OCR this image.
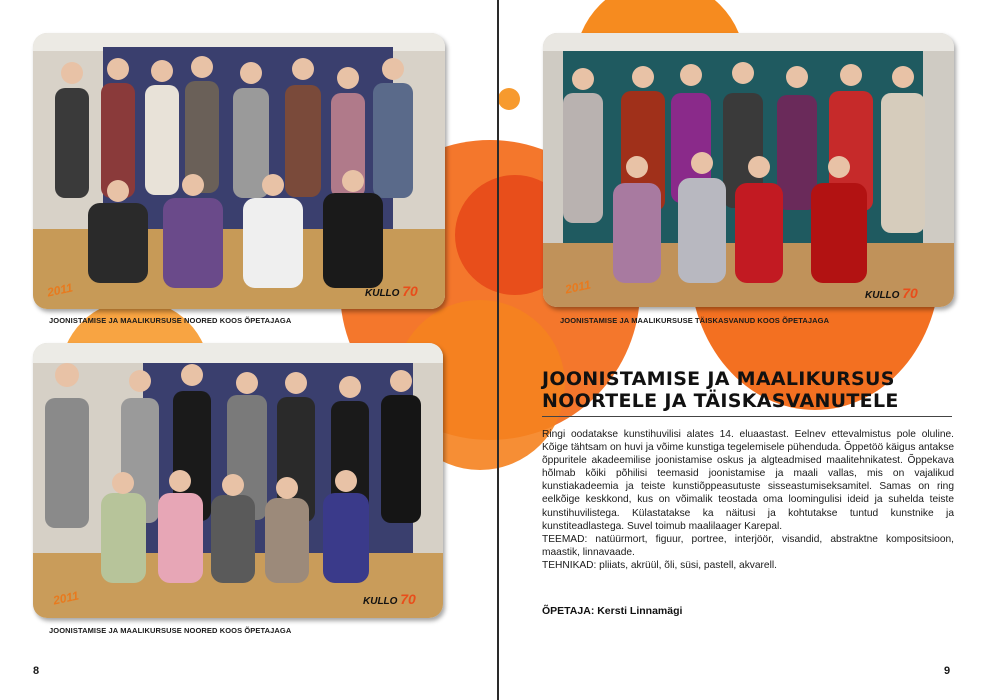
2011	KULLO 70
JOONISTAMISE JA MAALIKURSUSE NOORED KOOS ÕPETAJAGA
2011	KULLO 70
JOONISTAMISE JA MAALIKURSUSE NOORED KOOS ÕPETAJAGA
2011	KULLO 70
JOONISTAMISE JA MAALIKURSUSE TÄISKASVANUD KOOS ÕPETAJAGA
JOONISTAMISE JA MAALIKURSUS
NOORTELE JA TÄISKASVANUTELE

Ringi oodatakse kunstihuvilisi alates 14. eluaastast. Eelnev ettevalmistus pole oluline. Kõige tähtsam on huvi ja võime kunstiga tegelemisele pühenduda. Õppetöö käigus antakse õppuritele akadeemilise joonistamise oskus ja algteadmised maalitehnikatest. Õppekava hõlmab kõiki põhilisi teemasid joonistamise ja maali vallas, mis on vajalikud kunstiakadeemia ja teiste kunstiõppeasutuste sisseastumiseksamitel. Samas on ring eelkõige keskkond, kus on võimalik teostada oma loomingulisi ideid ja suhelda teiste kunstihuvilistega. Külastatakse ka näitusi ja kohtutakse tuntud kunstnike ja kunstiteadlastega. Suvel toimub maalilaager Karepal.

TEEMAD: natüürmort, figuur, portree, interjöör, visandid, abstraktne kompositsioon, maastik, linnavaade.

TEHNIKAD: pliiats, akrüül, õli, süsi, pastell, akvarell.

ÕPETAJA: Kersti Linnamägi
8	9
